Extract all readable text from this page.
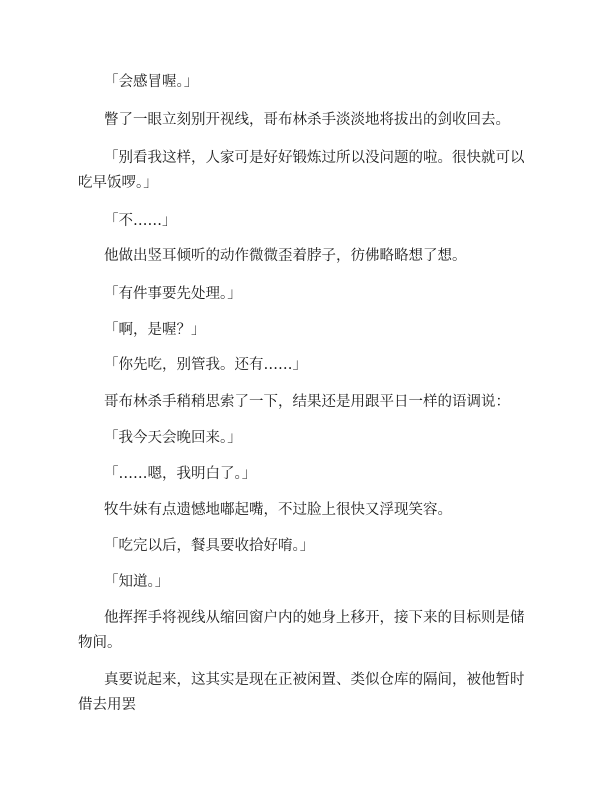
「会感冒喔。」

瞥了一眼立刻别开视线，哥布林杀手淡淡地将拔出的剑收回去。

「别看我这样，人家可是好好锻炼过所以没问题的啦。很快就可以

吃早饭啰。」

「不……」

他做出竖耳倾听的动作微微歪着脖子，彷佛略略想了想。

「有件事要先处理。」

「啊，是喔？」

「你先吃，别管我。还有……」

哥布林杀手稍稍思索了一下，结果还是用跟平日一样的语调说：

「我今天会晚回来。」

「……嗯，我明白了。」

牧牛妹有点遗憾地嘟起嘴，不过脸上很快又浮现笑容。

「吃完以后，餐具要收拾好唷。」

「知道。」

他挥挥手将视线从缩回窗户内的她身上移开，接下来的目标则是储

物间。

真要说起来，这其实是现在正被闲置、类似仓库的隔间，被他暂时

借去用罢
